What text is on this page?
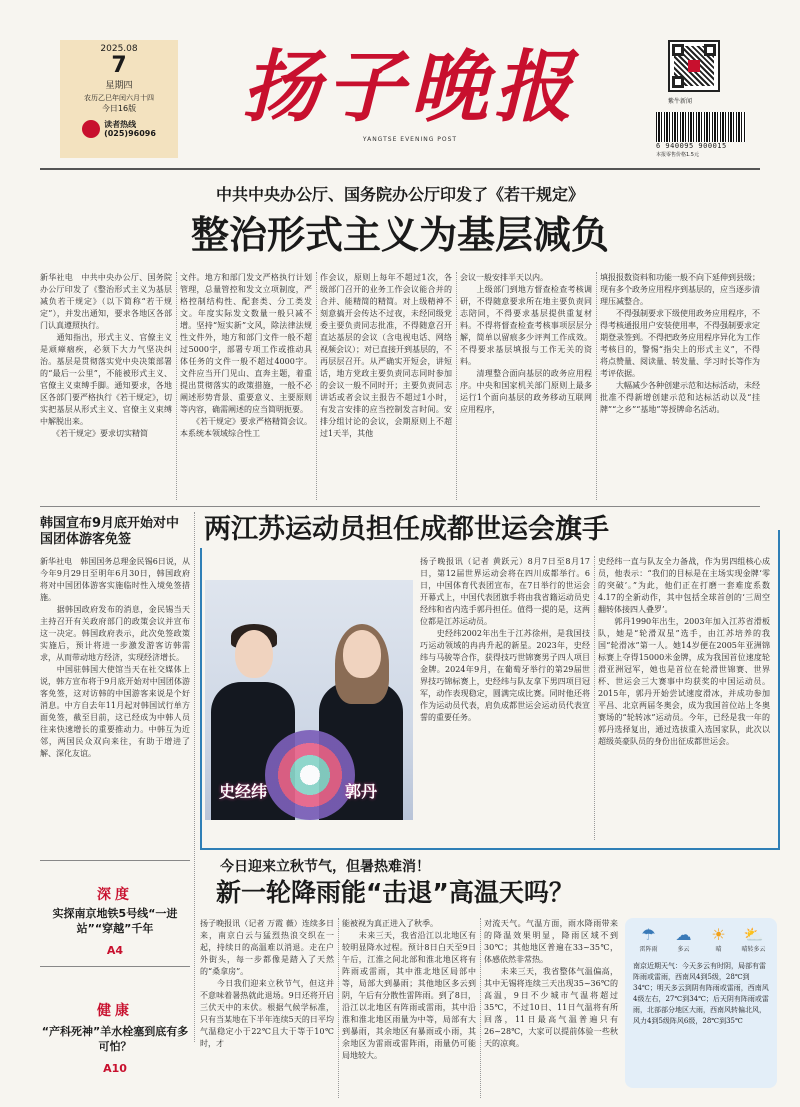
2025.08
7
星期四
农历乙巳年闰六月十四
今日16版
读者热线
(025)96096
扬子晚报
YANGTSE EVENING POST
紫牛新闻
6 940095 900015
本报零售价格1.5元
中共中央办公厅、国务院办公厅印发了《若干规定》
整治形式主义为基层减负
新华社电　中共中央办公厅、国务院办公厅印发了《整治形式主义为基层减负若干规定》（以下简称“若干规定”），并发出通知，要求各地区各部门认真遵照执行。
　　通知指出，形式主义、官僚主义是顽瘴痼疾，必须下大力气坚决纠治。基层是贯彻落实党中央决策部署的“最后一公里”，不能被形式主义、官僚主义束缚手脚。通知要求，各地区各部门要严格执行《若干规定》，切实把基层从形式主义、官僚主义束缚中解脱出来。
　　《若干规定》要求切实精简
文件。地方和部门发文严格执行计划管理，总量管控和发文立项制度，严格控制结构性、配套类、分工类发文。年度实际发文数量一般只减不增。坚持“短实新”文风，除法律法规性文件外，地方和部门文件一般不超过5000字，部署专项工作或推动具体任务的文件一般不超过4000字。文件应当开门见山、直奔主题，着重提出贯彻落实的政策措施，一般不必阐述形势背景、重要意义、主要原则等内容，确需阐述的应当简明扼要。
　　《若干规定》要求严格精简会议。本系统本领域综合性工
作会议，原则上每年不超过1次，各级部门召开的业务工作会议能合并的合并、能精简的精简。对上级精神不刻意搞开会传达不过夜，未经同级党委主要负责同志批准，不得随意召开直达基层的会议（含电视电话、网络视频会议）；对已直接开到基层的，不再层层召开。从严确实开短会，讲短话，地方党政主要负责同志同时参加的会议一般不同时开；主要负责同志讲话或者会议主报告不超过1小时，有发言安排的应当控制发言时间。安排分组讨论的会议，会期原则上不超过1天半，其他
会议一般安排半天以内。
　　上级部门到地方督查检查考核调研，不得随意要求所在地主要负责同志陪同，不得要求基层提供重复材料。不得将督查检查考核事项层层分解，简单以留痕多少评判工作成效。不得要求基层填报与工作无关的资料。
　　清理整合面向基层的政务应用程序。中央和国家机关部门原则上最多运行1个面向基层的政务移动互联网应用程序，
填报报数资料和功能一般不向下延伸到县级；现有多个政务应用程序到基层的，应当逐步清理压减整合。
　　不得强制要求下级使用政务应用程序，不得考核通报用户安装使用率，不得强制要求定期登录签到。不得把政务应用程序异化为工作考核目的，警惕“指尖上的形式主义”，不得将点赞量、阅读量、转发量、学习时长等作为考评依据。
　　大幅减少各种创建示范和达标活动，未经批准不得新增创建示范和达标活动以及“挂牌”“之乡”“基地”等授牌命名活动。
韩国宣布9月底开始对中国团体游客免签
新华社电　韩国国务总理金民锡6日说，从今年9月29日至明年6月30日，韩国政府将对中国团体游客实施临时性入境免签措施。
　　据韩国政府发布的消息，金民锡当天主持召开有关政府部门的政策会议并宣布这一决定。韩国政府表示，此次免签政策实施后，预计将进一步激发游客访韩需求，从而带动地方经济，实现经济增长。
　　中国驻韩国大使馆当天在社交媒体上说，韩方宣布将于9月底开始对中国团体游客免签，这对访韩的中国游客来说是个好消息。中方自去年11月起对韩国试行单方面免签，截至目前，这已经成为中韩人员往来快速增长的重要推动力。中韩互为近邻，两国民众双向来往，有助于增进了解、深化友谊。
两江苏运动员担任成都世运会旗手
史经纬	郭丹
扬子晚报讯（记者 黄跃元）8月7日至8月17日，第12届世界运动会将在四川成都举行。6日，中国体育代表团宣布，在7日举行的世运会开幕式上，中国代表团旗手将由我省籍运动员史经纬和省内选手郭丹担任。值得一提的是，这两位都是江苏运动员。
　　史经纬2002年出生于江苏徐州，是我国技巧运动领域的冉冉升起的新星。2023年，史经纬与马骏等合作，获得技巧世锦赛男子四人项目金牌。2024年9月，在葡萄牙举行的第29届世界技巧锦标赛上，史经纬与队友拿下男四项目冠军，动作表现稳定，圆满完成比赛。同时他还将作为运动员代表，肩负成都世运会运动员代表宣誓的重要任务。
史经纬一直与队友全力备战，作为男四组核心成员，他表示：“我们的目标是在主场实现金牌‘零的突破’。”为此，他们正在打磨一套难度系数4.17的全新动作，其中包括全球首创的‘三周空翻转体接四人叠罗’。
　　郭丹1990年出生，2003年加入江苏省滑板队，她是“轮滑双星”选手，由江苏培养的我国“轮滑冰”第一人。她14岁便在2005年亚洲锦标赛上夺得15000米金牌，成为我国首位速度轮滑亚洲冠军，她也是首位在轮滑世锦赛、世界杯、世运会三大赛事中均获奖的中国运动员。2015年，郭丹开始尝试速度滑冰，并成功参加平昌、北京两届冬奥会，成为我国首位站上冬奥赛场的“轮转冰”运动员。今年，已经是我一年的郭丹选择复出，通过选拔重入选国家队，此次以超级英豪队员的身份出征成都世运会。
深度
实探南京地铁5号线“一进站”“穿越”千年
A4
健康
“产科死神”羊水栓塞到底有多可怕？
A10
今日迎来立秋节气，但暑热难消！
新一轮降雨能“击退”高温天吗？
扬子晚报讯（记者 万霞 薇）连续多日来，南京白云与猛烈热浪交织在一起，持续日的高温难以消退。走在户外街头，每一步都像是踏入了天然的“桑拿房”。
　　今日我们迎来立秋节气，但这并不意味着暑热就此退场。9日还将开启三伏天中的末伏。根据气候学标准，只有当某地在下半年连续5天的日平均气温稳定小于22℃且大于等于10℃时，才
能被视为真正进入了秋季。
　　未来三天，我省沿江以北地区有较明显降水过程。预计8日白天至9日午后，江淮之间北部和淮北地区将有阵雨或雷雨，其中淮北地区局部中等，局部大到暴雨；其他地区多云到阴，午后有分散性雷阵雨。到了8日，沿江以北地区有阵雨或雷雨，其中沿淮和淮北地区雨量为中等，局部有大到暴雨，其余地区有暴雨或小雨，其余地区为雷雨或雷阵雨，雨量仍可能局地较大。
对流天气。气温方面，雨水降雨带来的降温效果明显，降雨区域不到30℃；其他地区普遍在33~35℃，体感依然非常热。
　　未来三天，我省整体气温偏高，其中无锡将连续三天出现35~36℃的高温，9日不少城市气温将超过35℃，不过10日、11日气温将有所回落，11日最高气温普遍只有26~28℃，大家可以提前体验一些秋天的凉爽。
☂
雷阵雨
☁
多云
☀
晴
⛅
晴转多云
南京近期天气：今天多云有时阴，局部有雷阵雨或雷雨，西南风4到5级，28℃到34℃；明天多云到阴有阵雨或雷雨，西南风4级左右，27℃到34℃；后天阴有阵雨或雷雨，北部部分地区大雨，西南风转偏北风，风力4到5级阵风6级，28℃到35℃
